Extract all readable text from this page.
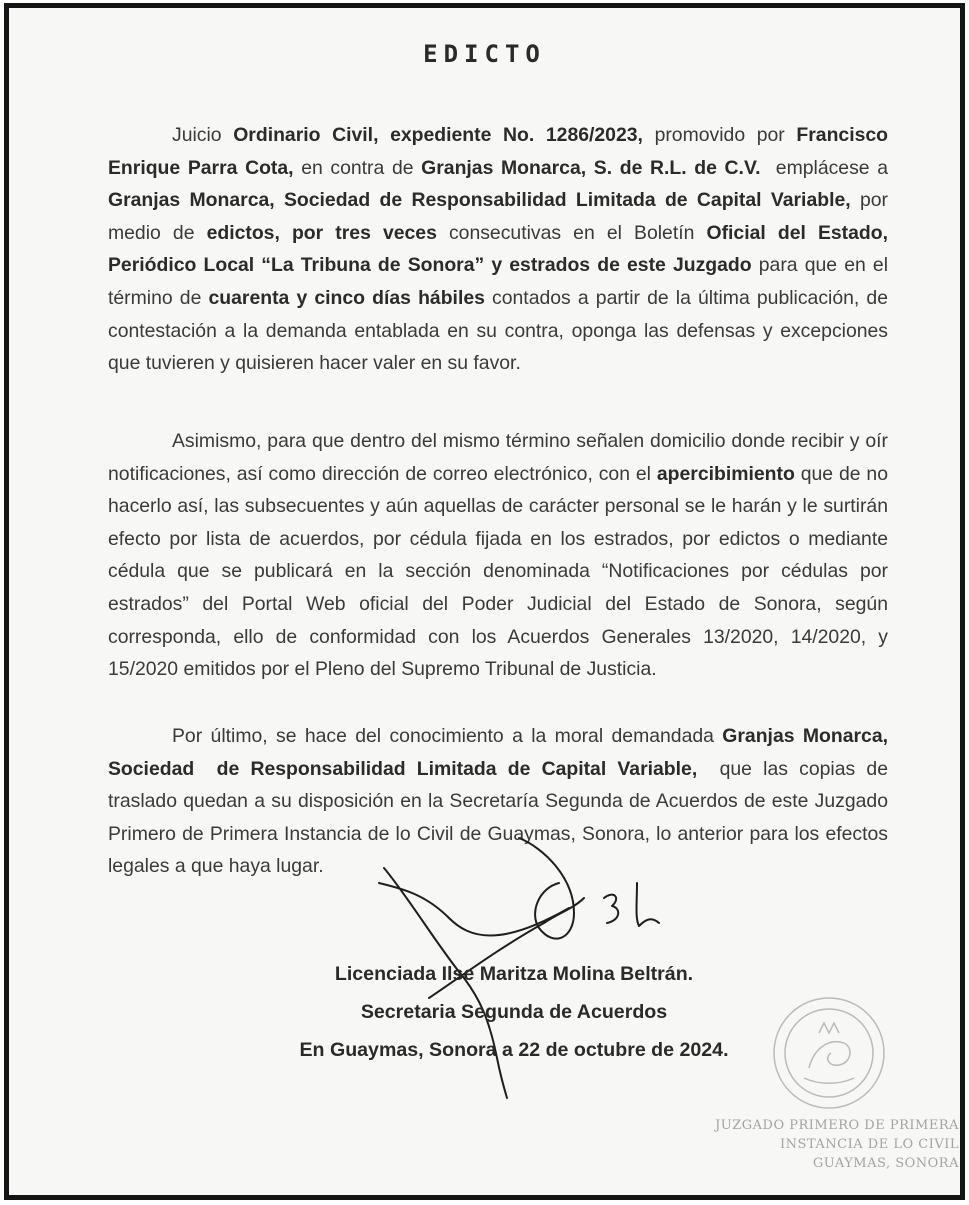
EDICTO

Juicio Ordinario Civil, expediente No. 1286/2023, promovido por Francisco Enrique Parra Cota, en contra de Granjas Monarca, S. de R.L. de C.V.  emplácese a Granjas Monarca, Sociedad de Responsabilidad Limitada de Capital Variable, por medio de edictos, por tres veces consecutivas en el Boletín Oficial del Estado, Periódico Local “La Tribuna de Sonora” y estrados de este Juzgado para que en el término de cuarenta y cinco días hábiles contados a partir de la última publicación, de contestación a la demanda entablada en su contra, oponga las defensas y excepciones que tuvieren y quisieren hacer valer en su favor.

Asimismo, para que dentro del mismo término señalen domicilio donde recibir y oír notificaciones, así como dirección de correo electrónico, con el apercibimiento que de no hacerlo así, las subsecuentes y aún aquellas de carácter personal se le harán y le surtirán efecto por lista de acuerdos, por cédula fijada en los estrados, por edictos o mediante cédula que se publicará en la sección denominada “Notificaciones por cédulas por estrados” del Portal Web oficial del Poder Judicial del Estado de Sonora, según corresponda, ello de conformidad con los Acuerdos Generales 13/2020, 14/2020, y 15/2020 emitidos por el Pleno del Supremo Tribunal de Justicia.

Por último, se hace del conocimiento a la moral demandada Granjas Monarca, Sociedad  de Responsabilidad Limitada de Capital Variable,  que las copias de traslado quedan a su disposición en la Secretaría Segunda de Acuerdos de este Juzgado Primero de Primera Instancia de lo Civil de Guaymas, Sonora, lo anterior para los efectos legales a que haya lugar.

Licenciada Ilse Maritza Molina Beltrán.
Secretaria Segunda de Acuerdos
En Guaymas, Sonora a 22 de octubre de 2024.
JUZGADO PRIMERO DE PRIMERA
INSTANCIA DE LO CIVIL
GUAYMAS, SONORA
